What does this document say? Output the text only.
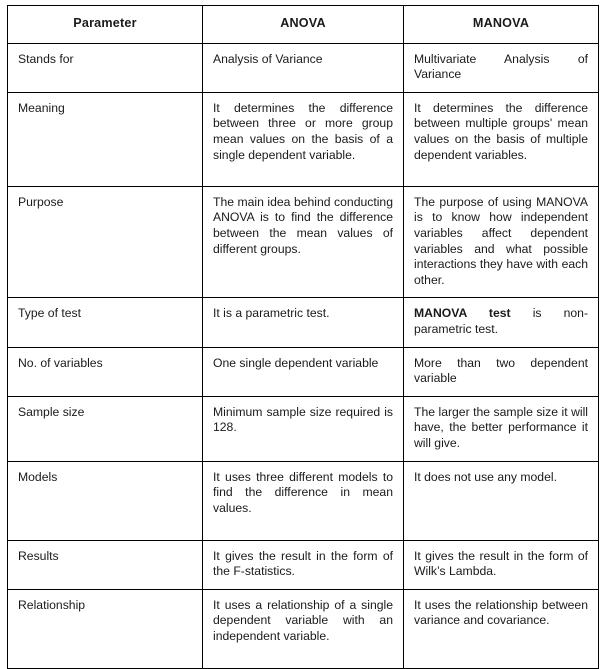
Parameter	ANOVA	MANOVA
Stands for	Analysis of Variance	Multivariate Analysis of Variance
Meaning	It determines the difference between three or more group mean values on the basis of a single dependent variable.	It determines the difference between multiple groups' mean values on the basis of multiple dependent variables.
Purpose	The main idea behind conducting ANOVA is to find the difference between the mean values of different groups.	The purpose of using MANOVA is to know how independent variables affect dependent variables and what possible interactions they have with each other.
Type of test	It is a parametric test.	MANOVA test is non-parametric test.
No. of variables	One single dependent variable	More than two dependent variable
Sample size	Minimum sample size required is 128.	The larger the sample size it will have, the better performance it will give.
Models	It uses three different models to find the difference in mean values.	It does not use any model.
Results	It gives the result in the form of the F-statistics.	It gives the result in the form of Wilk’s Lambda.
Relationship	It uses a relationship of a single dependent variable with an independent variable.	It uses the relationship between variance and covariance.
